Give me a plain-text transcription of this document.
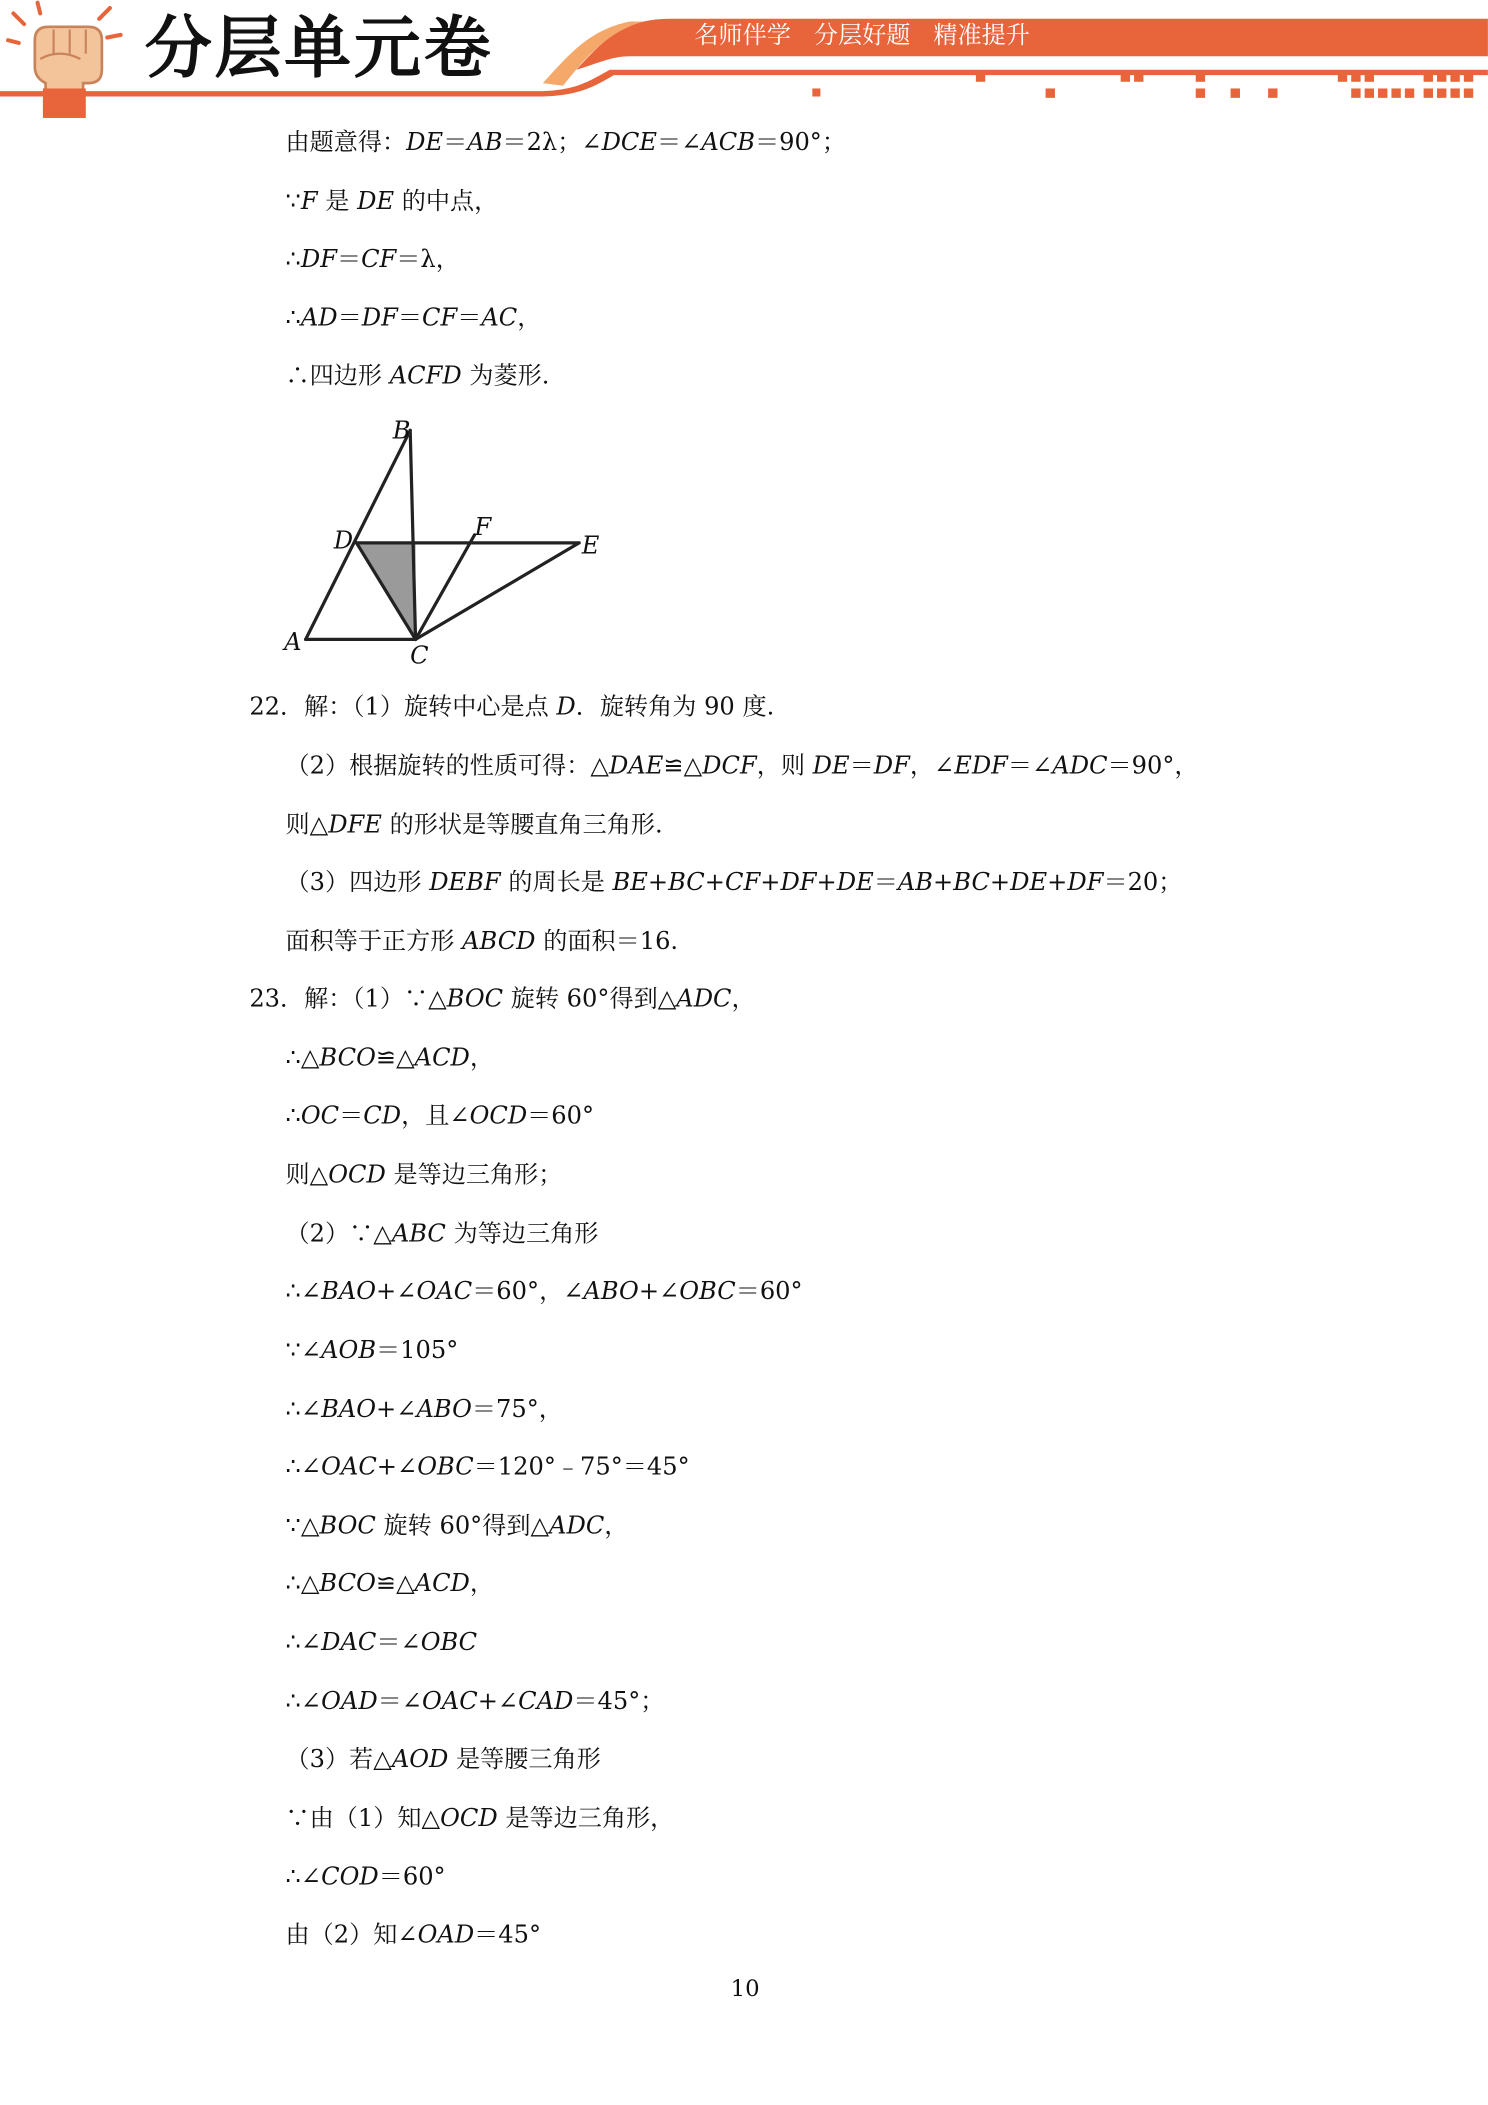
分层单元卷	名师伴学   分层好题   精准提升
由题意得：DE＝AB＝2λ；∠DCE＝∠ACB＝90°；
∵F 是 DE 的中点，
∴DF＝CF＝λ，
∴AD＝DF＝CF＝AC，
∴四边形 ACFD 为菱形.
B
D	F
E
A	C
22．解：（1）旋转中心是点 D．旋转角为 90 度.
（2）根据旋转的性质可得：△DAE≌△DCF，则 DE＝DF，∠EDF＝∠ADC＝90°，
则△DFE 的形状是等腰直角三角形.
（3）四边形 DEBF 的周长是 BE+BC+CF+DF+DE＝AB+BC+DE+DF＝20；
面积等于正方形 ABCD 的面积＝16.
23．解：（1）∵△BOC 旋转 60°得到△ADC，
∴△BCO≌△ACD，
∴OC＝CD，且∠OCD＝60°
则△OCD 是等边三角形；
（2）∵△ABC 为等边三角形
∴∠BAO+∠OAC＝60°，∠ABO+∠OBC＝60°
∵∠AOB＝105°
∴∠BAO+∠ABO＝75°，
∴∠OAC+∠OBC＝120°﹣75°＝45°
∵△BOC 旋转 60°得到△ADC，
∴△BCO≌△ACD，
∴∠DAC＝∠OBC
∴∠OAD＝∠OAC+∠CAD＝45°；
（3）若△AOD 是等腰三角形
∵由（1）知△OCD 是等边三角形，
∴∠COD＝60°
由（2）知∠OAD＝45°
10
